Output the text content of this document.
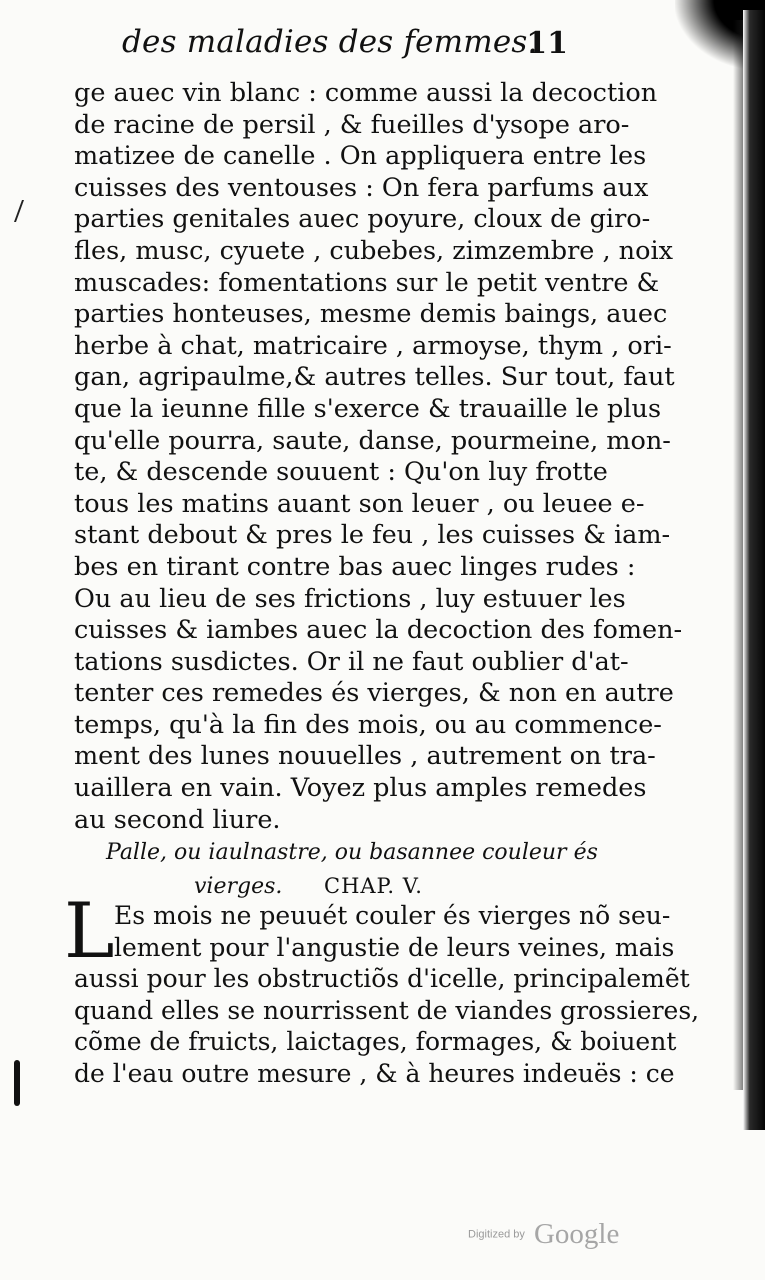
des maladies des femmes.
11
ge auec vin blanc : comme aussi la decoction
de racine de persil , & fueilles d'ysope aro-
matizee de canelle . On appliquera entre les
cuisses des ventouses : On fera parfums aux
parties genitales auec poyure, cloux de giro-
fles, musc, cyuete , cubebes, zimzembre , noix
muscades: fomentations sur le petit ventre &
parties honteuses, mesme demis baings, auec
herbe à chat, matricaire , armoyse, thym , ori-
gan, agripaulme,& autres telles. Sur tout, faut
que la ieunne fille s'exerce & trauaille le plus
qu'elle pourra, saute, danse, pourmeine, mon-
te, & descende souuent : Qu'on luy frotte
tous les matins auant son leuer , ou leuee e-
stant debout & pres le feu , les cuisses & iam-
bes en tirant contre bas auec linges rudes :
Ou au lieu de ses frictions , luy estuuer les
cuisses & iambes auec la decoction des fomen-
tations susdictes. Or il ne faut oublier d'at-
tenter ces remedes és vierges, & non en autre
temps, qu'à la fin des mois, ou au commence-
ment des lunes nouuelles , autrement on tra-
uaillera en vain. Voyez plus amples remedes
au second liure.
Palle, ou iaulnastre, ou basannee couleur és
vierges. CHAP. V.
L Es mois ne peuuét couler és vierges nõ seu-
lement pour l'angustie de leurs veines, mais
aussi pour les obstructiõs d'icelle, principalemẽt
quand elles se nourrissent de viandes grossieres,
cõme de fruicts, laictages, formages, & boiuent
de l'eau outre mesure , & à heures indeuës : ce
Digitized by Google
